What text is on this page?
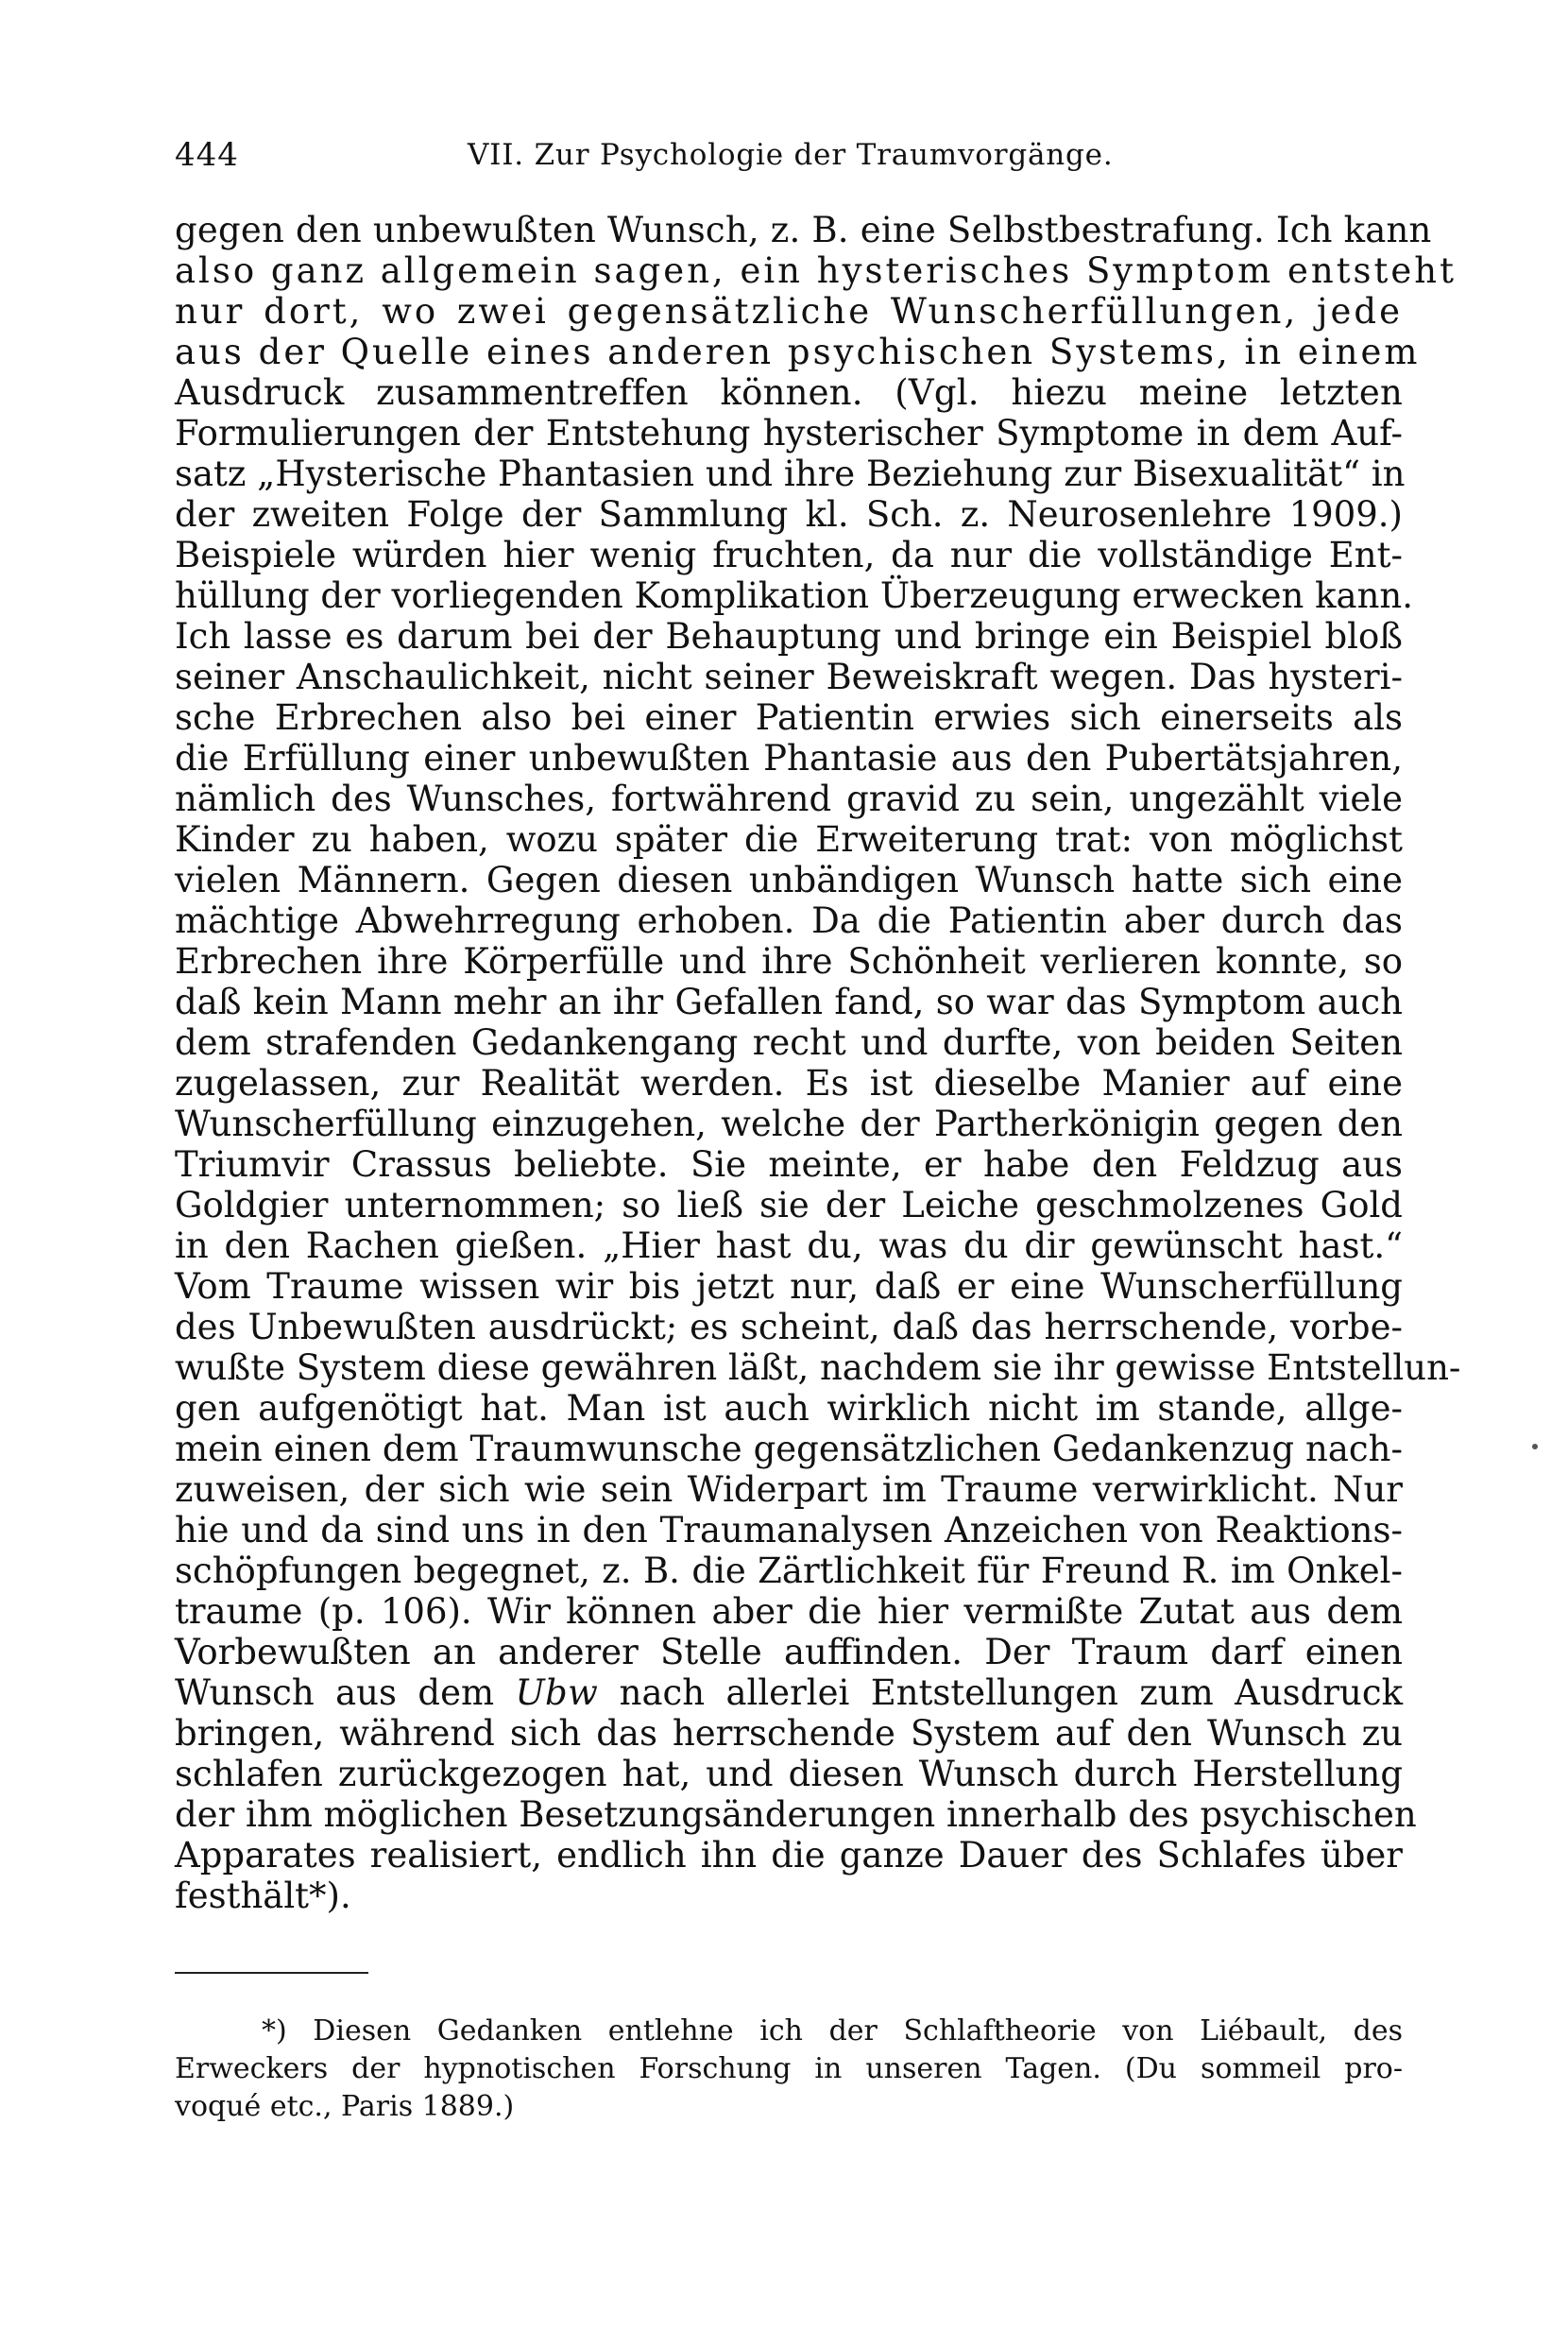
444	VII. Zur Psychologie der Traumvorgänge.
gegen den unbewußten Wunsch, z. B. eine Selbstbestrafung. Ich kann
also ganz allgemein sagen, ein hysterisches Symptom entsteht
nur dort, wo zwei gegensätzliche Wunscherfüllungen, jede
aus der Quelle eines anderen psychischen Systems, in einem
Ausdruck zusammentreffen können. (Vgl. hiezu meine letzten
Formulierungen der Entstehung hysterischer Symptome in dem Auf-
satz „Hysterische Phantasien und ihre Beziehung zur Bisexualität“ in
der zweiten Folge der Sammlung kl. Sch. z. Neurosenlehre 1909.)
Beispiele würden hier wenig fruchten, da nur die vollständige Ent-
hüllung der vorliegenden Komplikation Überzeugung erwecken kann.
Ich lasse es darum bei der Behauptung und bringe ein Beispiel bloß
seiner Anschaulichkeit, nicht seiner Beweiskraft wegen. Das hysteri-
sche Erbrechen also bei einer Patientin erwies sich einerseits als
die Erfüllung einer unbewußten Phantasie aus den Pubertätsjahren,
nämlich des Wunsches, fortwährend gravid zu sein, ungezählt viele
Kinder zu haben, wozu später die Erweiterung trat: von möglichst
vielen Männern. Gegen diesen unbändigen Wunsch hatte sich eine
mächtige Abwehrregung erhoben. Da die Patientin aber durch das
Erbrechen ihre Körperfülle und ihre Schönheit verlieren konnte, so
daß kein Mann mehr an ihr Gefallen fand, so war das Symptom auch
dem strafenden Gedankengang recht und durfte, von beiden Seiten
zugelassen, zur Realität werden. Es ist dieselbe Manier auf eine
Wunscherfüllung einzugehen, welche der Partherkönigin gegen den
Triumvir Crassus beliebte. Sie meinte, er habe den Feldzug aus
Goldgier unternommen; so ließ sie der Leiche geschmolzenes Gold
in den Rachen gießen. „Hier hast du, was du dir gewünscht hast.“
Vom Traume wissen wir bis jetzt nur, daß er eine Wunscherfüllung
des Unbewußten ausdrückt; es scheint, daß das herrschende, vorbe-
wußte System diese gewähren läßt, nachdem sie ihr gewisse Entstellun-
gen aufgenötigt hat. Man ist auch wirklich nicht im stande, allge-
mein einen dem Traumwunsche gegensätzlichen Gedankenzug nach-
zuweisen, der sich wie sein Widerpart im Traume verwirklicht. Nur
hie und da sind uns in den Traumanalysen Anzeichen von Reaktions-
schöpfungen begegnet, z. B. die Zärtlichkeit für Freund R. im Onkel-
traume (p. 106). Wir können aber die hier vermißte Zutat aus dem
Vorbewußten an anderer Stelle auffinden. Der Traum darf einen
Wunsch aus dem Ubw nach allerlei Entstellungen zum Ausdruck
bringen, während sich das herrschende System auf den Wunsch zu
schlafen zurückgezogen hat, und diesen Wunsch durch Herstellung
der ihm möglichen Besetzungsänderungen innerhalb des psychischen
Apparates realisiert, endlich ihn die ganze Dauer des Schlafes über
festhält*).
*) Diesen Gedanken entlehne ich der Schlaftheorie von Liébault, des
Erweckers der hypnotischen Forschung in unseren Tagen. (Du sommeil pro-
voqué etc., Paris 1889.)
